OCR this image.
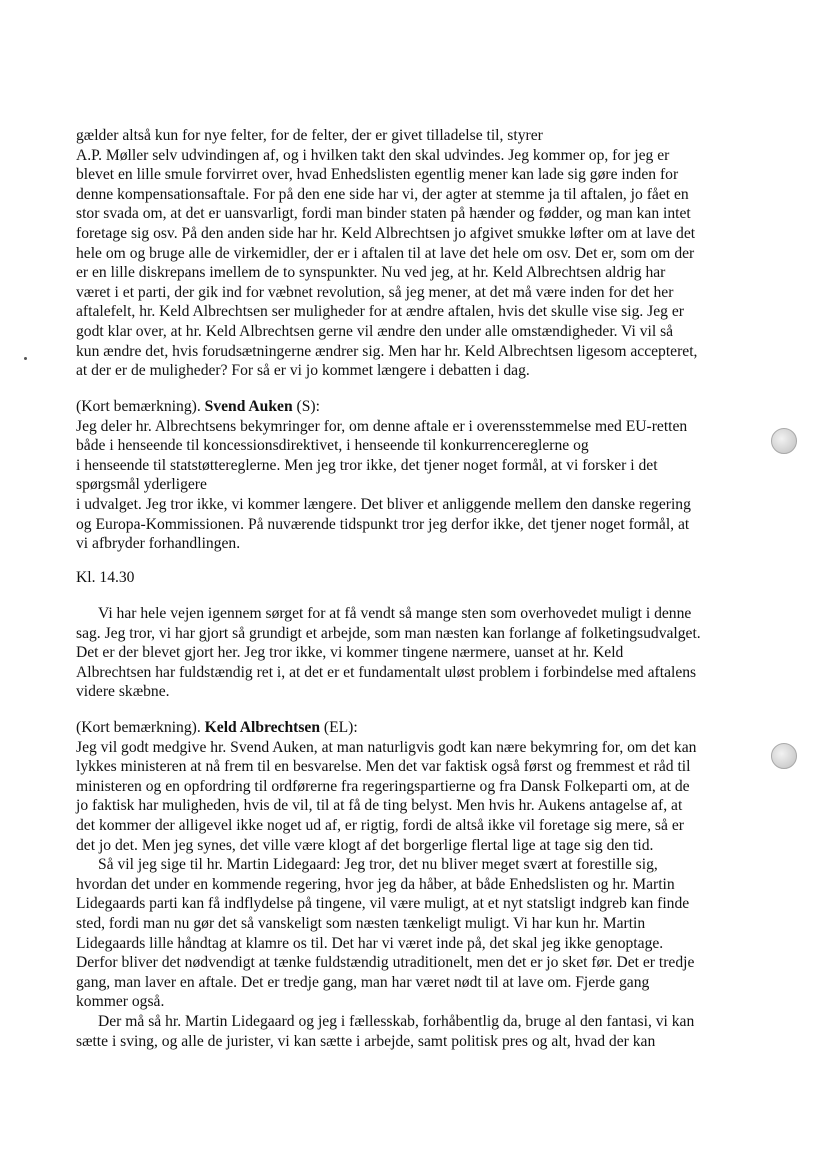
gælder altså kun for nye felter, for de felter, der er givet tilladelse til, styrer

A.P. Møller selv udvindingen af, og i hvilken takt den skal udvindes. Jeg kommer op, for jeg er

blevet en lille smule forvirret over, hvad Enhedslisten egentlig mener kan lade sig gøre inden for

denne kompensationsaftale. For på den ene side har vi, der agter at stemme ja til aftalen, jo fået en

stor svada om, at det er uansvarligt, fordi man binder staten på hænder og fødder, og man kan intet

foretage sig osv. På den anden side har hr. Keld Albrechtsen jo afgivet smukke løfter om at lave det

hele om og bruge alle de virkemidler, der er i aftalen til at lave det hele om osv. Det er, som om der

er en lille diskrepans imellem de to synspunkter. Nu ved jeg, at hr. Keld Albrechtsen aldrig har

været i et parti, der gik ind for væbnet revolution, så jeg mener, at det må være inden for det her

aftalefelt, hr. Keld Albrechtsen ser muligheder for at ændre aftalen, hvis det skulle vise sig. Jeg er

godt klar over, at hr. Keld Albrechtsen gerne vil ændre den under alle omstændigheder. Vi vil så

kun ændre det, hvis forudsætningerne ændrer sig. Men har hr. Keld Albrechtsen ligesom accepteret,

at der er de muligheder? For så er vi jo kommet længere i debatten i dag.

(Kort bemærkning). Svend Auken (S):

Jeg deler hr. Albrechtsens bekymringer for, om denne aftale er i overensstemmelse med EU-retten

både i henseende til koncessionsdirektivet, i henseende til konkurrencereglerne og

i henseende til statstøttereglerne. Men jeg tror ikke, det tjener noget formål, at vi forsker i det

spørgsmål yderligere

i udvalget. Jeg tror ikke, vi kommer længere. Det bliver et anliggende mellem den danske regering

og Europa-Kommissionen. På nuværende tidspunkt tror jeg derfor ikke, det tjener noget formål, at

vi afbryder forhandlingen.

Kl. 14.30

Vi har hele vejen igennem sørget for at få vendt så mange sten som overhovedet muligt i denne

sag. Jeg tror, vi har gjort så grundigt et arbejde, som man næsten kan forlange af folketingsudvalget.

Det er der blevet gjort her. Jeg tror ikke, vi kommer tingene nærmere, uanset at hr. Keld

Albrechtsen har fuldstændig ret i, at det er et fundamentalt uløst problem i forbindelse med aftalens

videre skæbne.

(Kort bemærkning). Keld Albrechtsen (EL):

Jeg vil godt medgive hr. Svend Auken, at man naturligvis godt kan nære bekymring for, om det kan

lykkes ministeren at nå frem til en besvarelse. Men det var faktisk også først og fremmest et råd til

ministeren og en opfordring til ordførerne fra regeringspartierne og fra Dansk Folkeparti om, at de

jo faktisk har muligheden, hvis de vil, til at få de ting belyst. Men hvis hr. Aukens antagelse af, at

det kommer der alligevel ikke noget ud af, er rigtig, fordi de altså ikke vil foretage sig mere, så er

det jo det. Men jeg synes, det ville være klogt af det borgerlige flertal lige at tage sig den tid.

Så vil jeg sige til hr. Martin Lidegaard: Jeg tror, det nu bliver meget svært at forestille sig,

hvordan det under en kommende regering, hvor jeg da håber, at både Enhedslisten og hr. Martin

Lidegaards parti kan få indflydelse på tingene, vil være muligt, at et nyt statsligt indgreb kan finde

sted, fordi man nu gør det så vanskeligt som næsten tænkeligt muligt. Vi har kun hr. Martin

Lidegaards lille håndtag at klamre os til. Det har vi været inde på, det skal jeg ikke genoptage.

Derfor bliver det nødvendigt at tænke fuldstændig utraditionelt, men det er jo sket før. Det er tredje

gang, man laver en aftale. Det er tredje gang, man har været nødt til at lave om. Fjerde gang

kommer også.

Der må så hr. Martin Lidegaard og jeg i fællesskab, forhåbentlig da, bruge al den fantasi, vi kan

sætte i sving, og alle de jurister, vi kan sætte i arbejde, samt politisk pres og alt, hvad der kan
